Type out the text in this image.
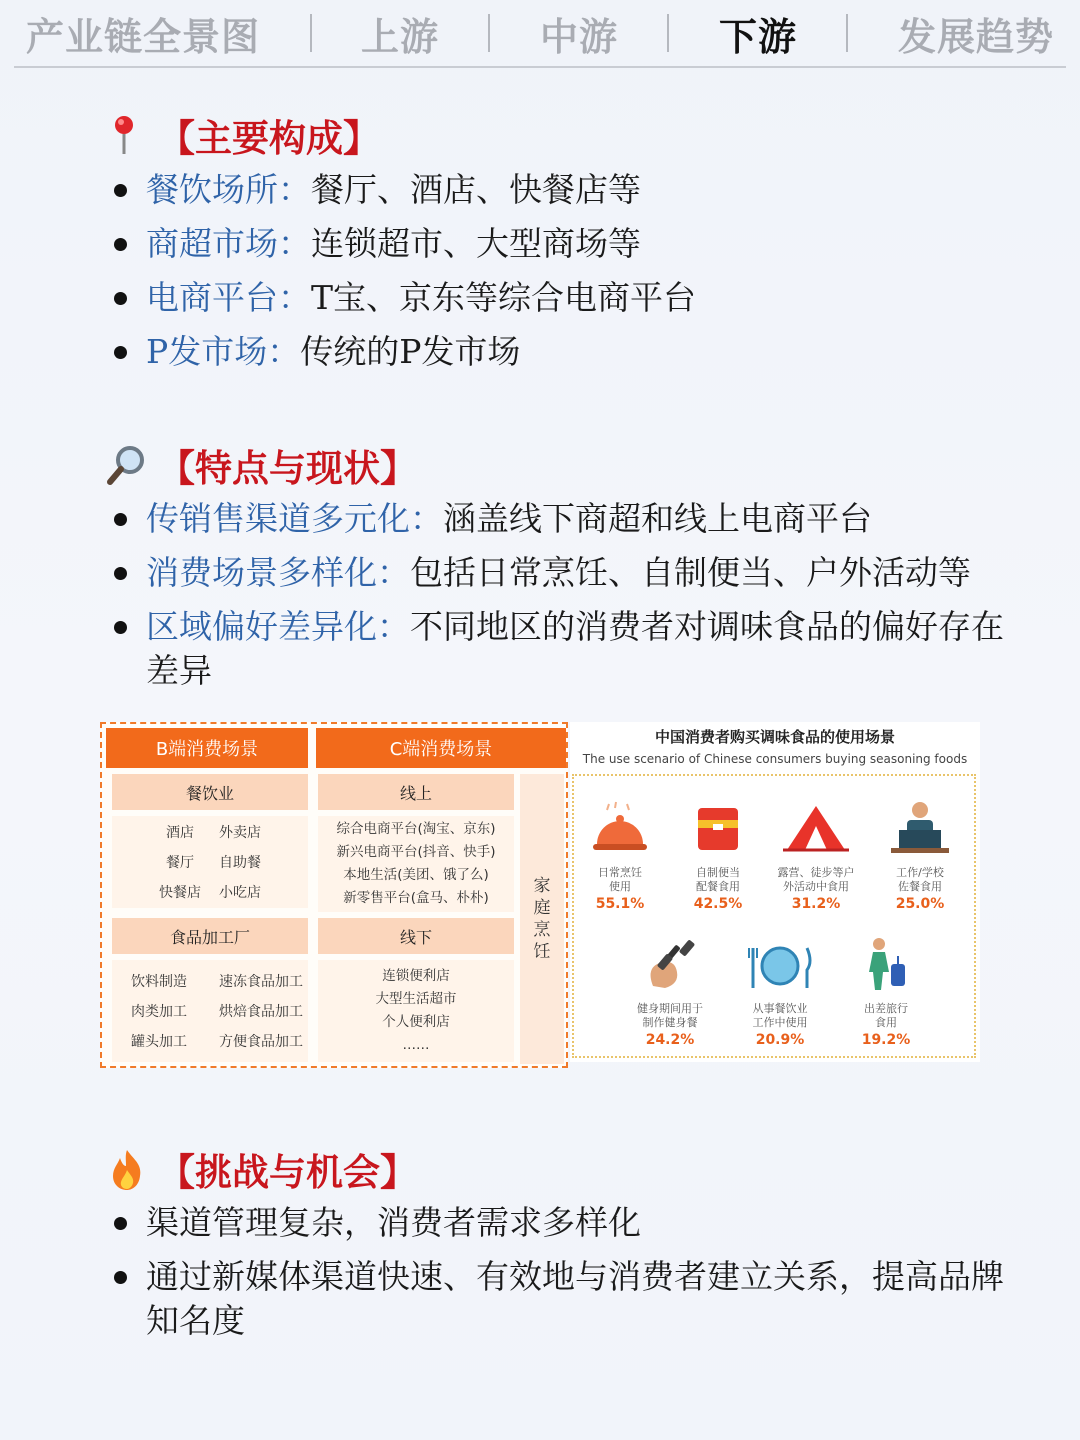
产业链全景图	上游	中游	下游	发展趋势
【主要构成】
餐饮场所：餐厅、酒店、快餐店等
商超市场：连锁超市、大型商场等
电商平台：T宝、京东等综合电商平台
P发市场：传统的P发市场
【特点与现状】
传销售渠道多元化：涵盖线下商超和线上电商平台
消费场景多样化：包括日常烹饪、自制便当、户外活动等
区域偏好差异化：不同地区的消费者对调味食品的偏好存在差异
B端消费场景	C端消费场景
餐饮业
酒店	外卖店
餐厅	自助餐
快餐店 小吃店
食品加工厂
饮料制造	速冻食品加工
肉类加工	烘焙食品加工
罐头加工	方便食品加工
线上
综合电商平台(淘宝、京东)
新兴电商平台(抖音、快手)
本地生活(美团、饿了么)
新零售平台(盒马、朴朴)
线下
连锁便利店
大型生活超市
个人便利店
……
家
庭
烹
饪
中国消费者购买调味食品的使用场景
The use scenario of Chinese consumers buying seasoning foods
日常烹饪
使用
55.1%
自制便当
配餐食用
42.5%
露营、徒步等户
外活动中食用
31.2%
工作/学校
佐餐食用
25.0%
健身期间用于
制作健身餐
24.2%
从事餐饮业
工作中使用
20.9%
出差旅行
食用
19.2%
【挑战与机会】
渠道管理复杂，消费者需求多样化
通过新媒体渠道快速、有效地与消费者建立关系，提高品牌知名度
